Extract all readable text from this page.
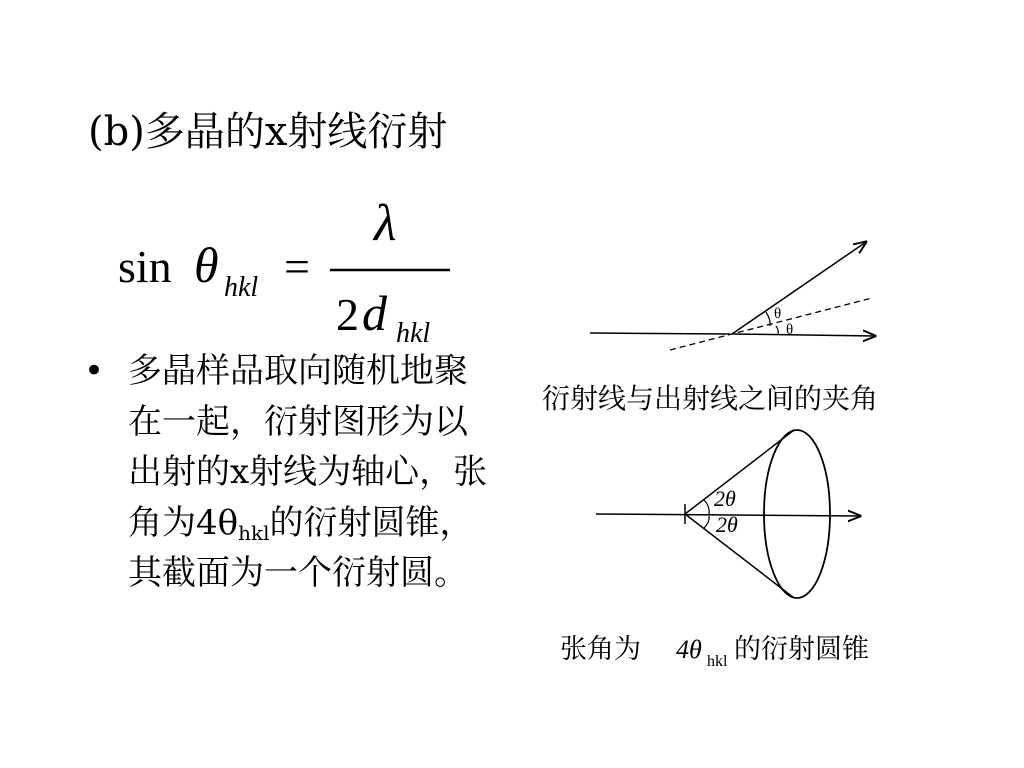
(b)多晶的x射线衍射
sin θ hkl =
λ
2 d hkl
• 多晶样品取向随机地聚在一起，衍射图形为以出射的x射线为轴心，张角为$4\theta_{hkl}$的衍射圆锥，其截面为一个衍射圆。
θ
θ
衍射线与出射线之间的夹角
2θ
2θ
张角为 4θ hkl 的衍射圆锥
